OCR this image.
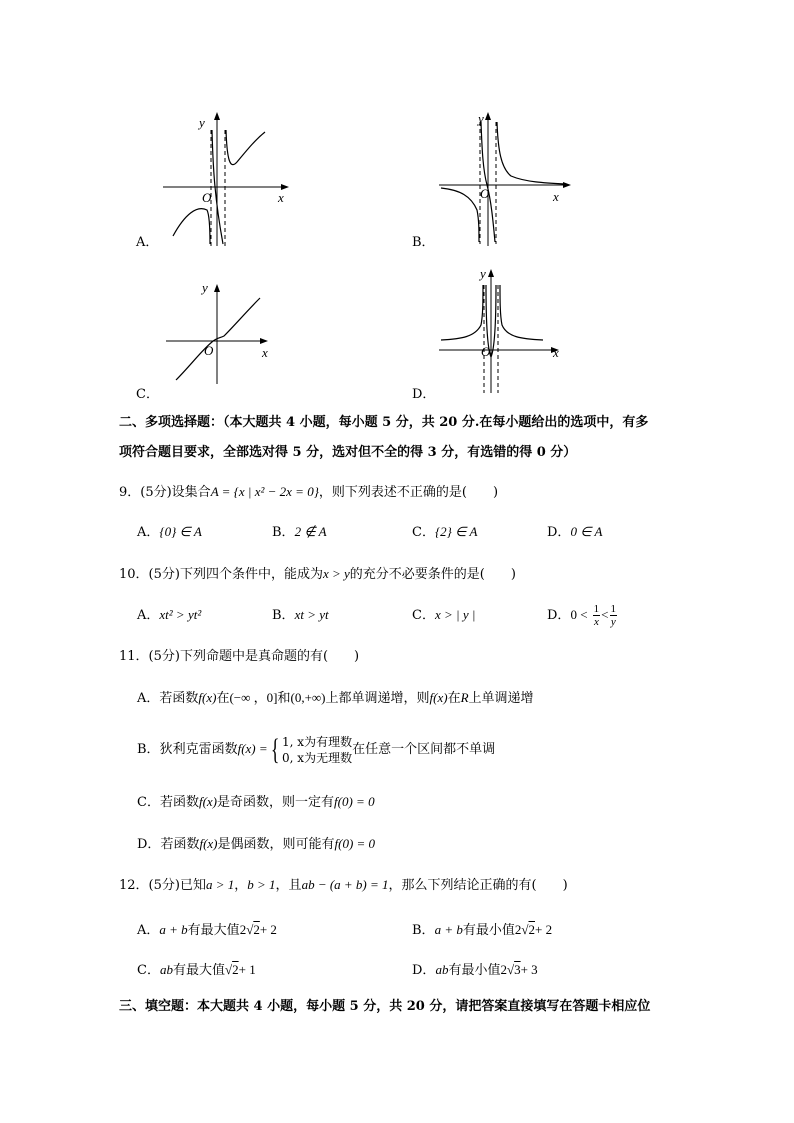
y
x
O
A．
y
x
O
B．
y
x
O
C．
y
x
O
D．
二、多项选择题：（本大题共 4 小题，每小题 5 分，共 20 分.在每小题给出的选项中，有多
项符合题目要求，全部选对得 5 分，选对但不全的得 3 分，有选错的得 0 分）
9．(5分)设集合A = {x | x² − 2x = 0}，则下列表述不正确的是(　　)
A．{0} ∈ A	B．2 ∉ A	C．{2} ∈ A	D．0 ∈ A
10．(5分)下列四个条件中，能成为x > y的充分不必要条件的是(　　)
A．xt² > yt²	B．xt > yt	C．x > | y |	D．$0 < \frac{1}{x} < \frac{1}{y}$
11．(5分)下列命题中是真命题的有(　　)
A．若函数f(x)在(−∞ ，0]和(0,+∞)上都单调递增，则f(x)在R上单调递增
B．狄利克雷函数f(x) ={ 1, x为有理数
0, x为无理数
在任意一个区间都不单调
C．若函数f(x)是奇函数，则一定有f(0) = 0
D．若函数f(x)是偶函数，则可能有f(0) = 0
12．(5分)已知a > 1，b > 1，且ab − (a + b) = 1，那么下列结论正确的有(　　)
A．a + b有最大值2√2+ 2	B．a + b有最小值2√2+ 2
C．ab有最大值√2+ 1	D．ab有最小值2√3+ 3
三、填空题：本大题共 4 小题，每小题 5 分，共 20 分，请把答案直接填写在答题卡相应位
